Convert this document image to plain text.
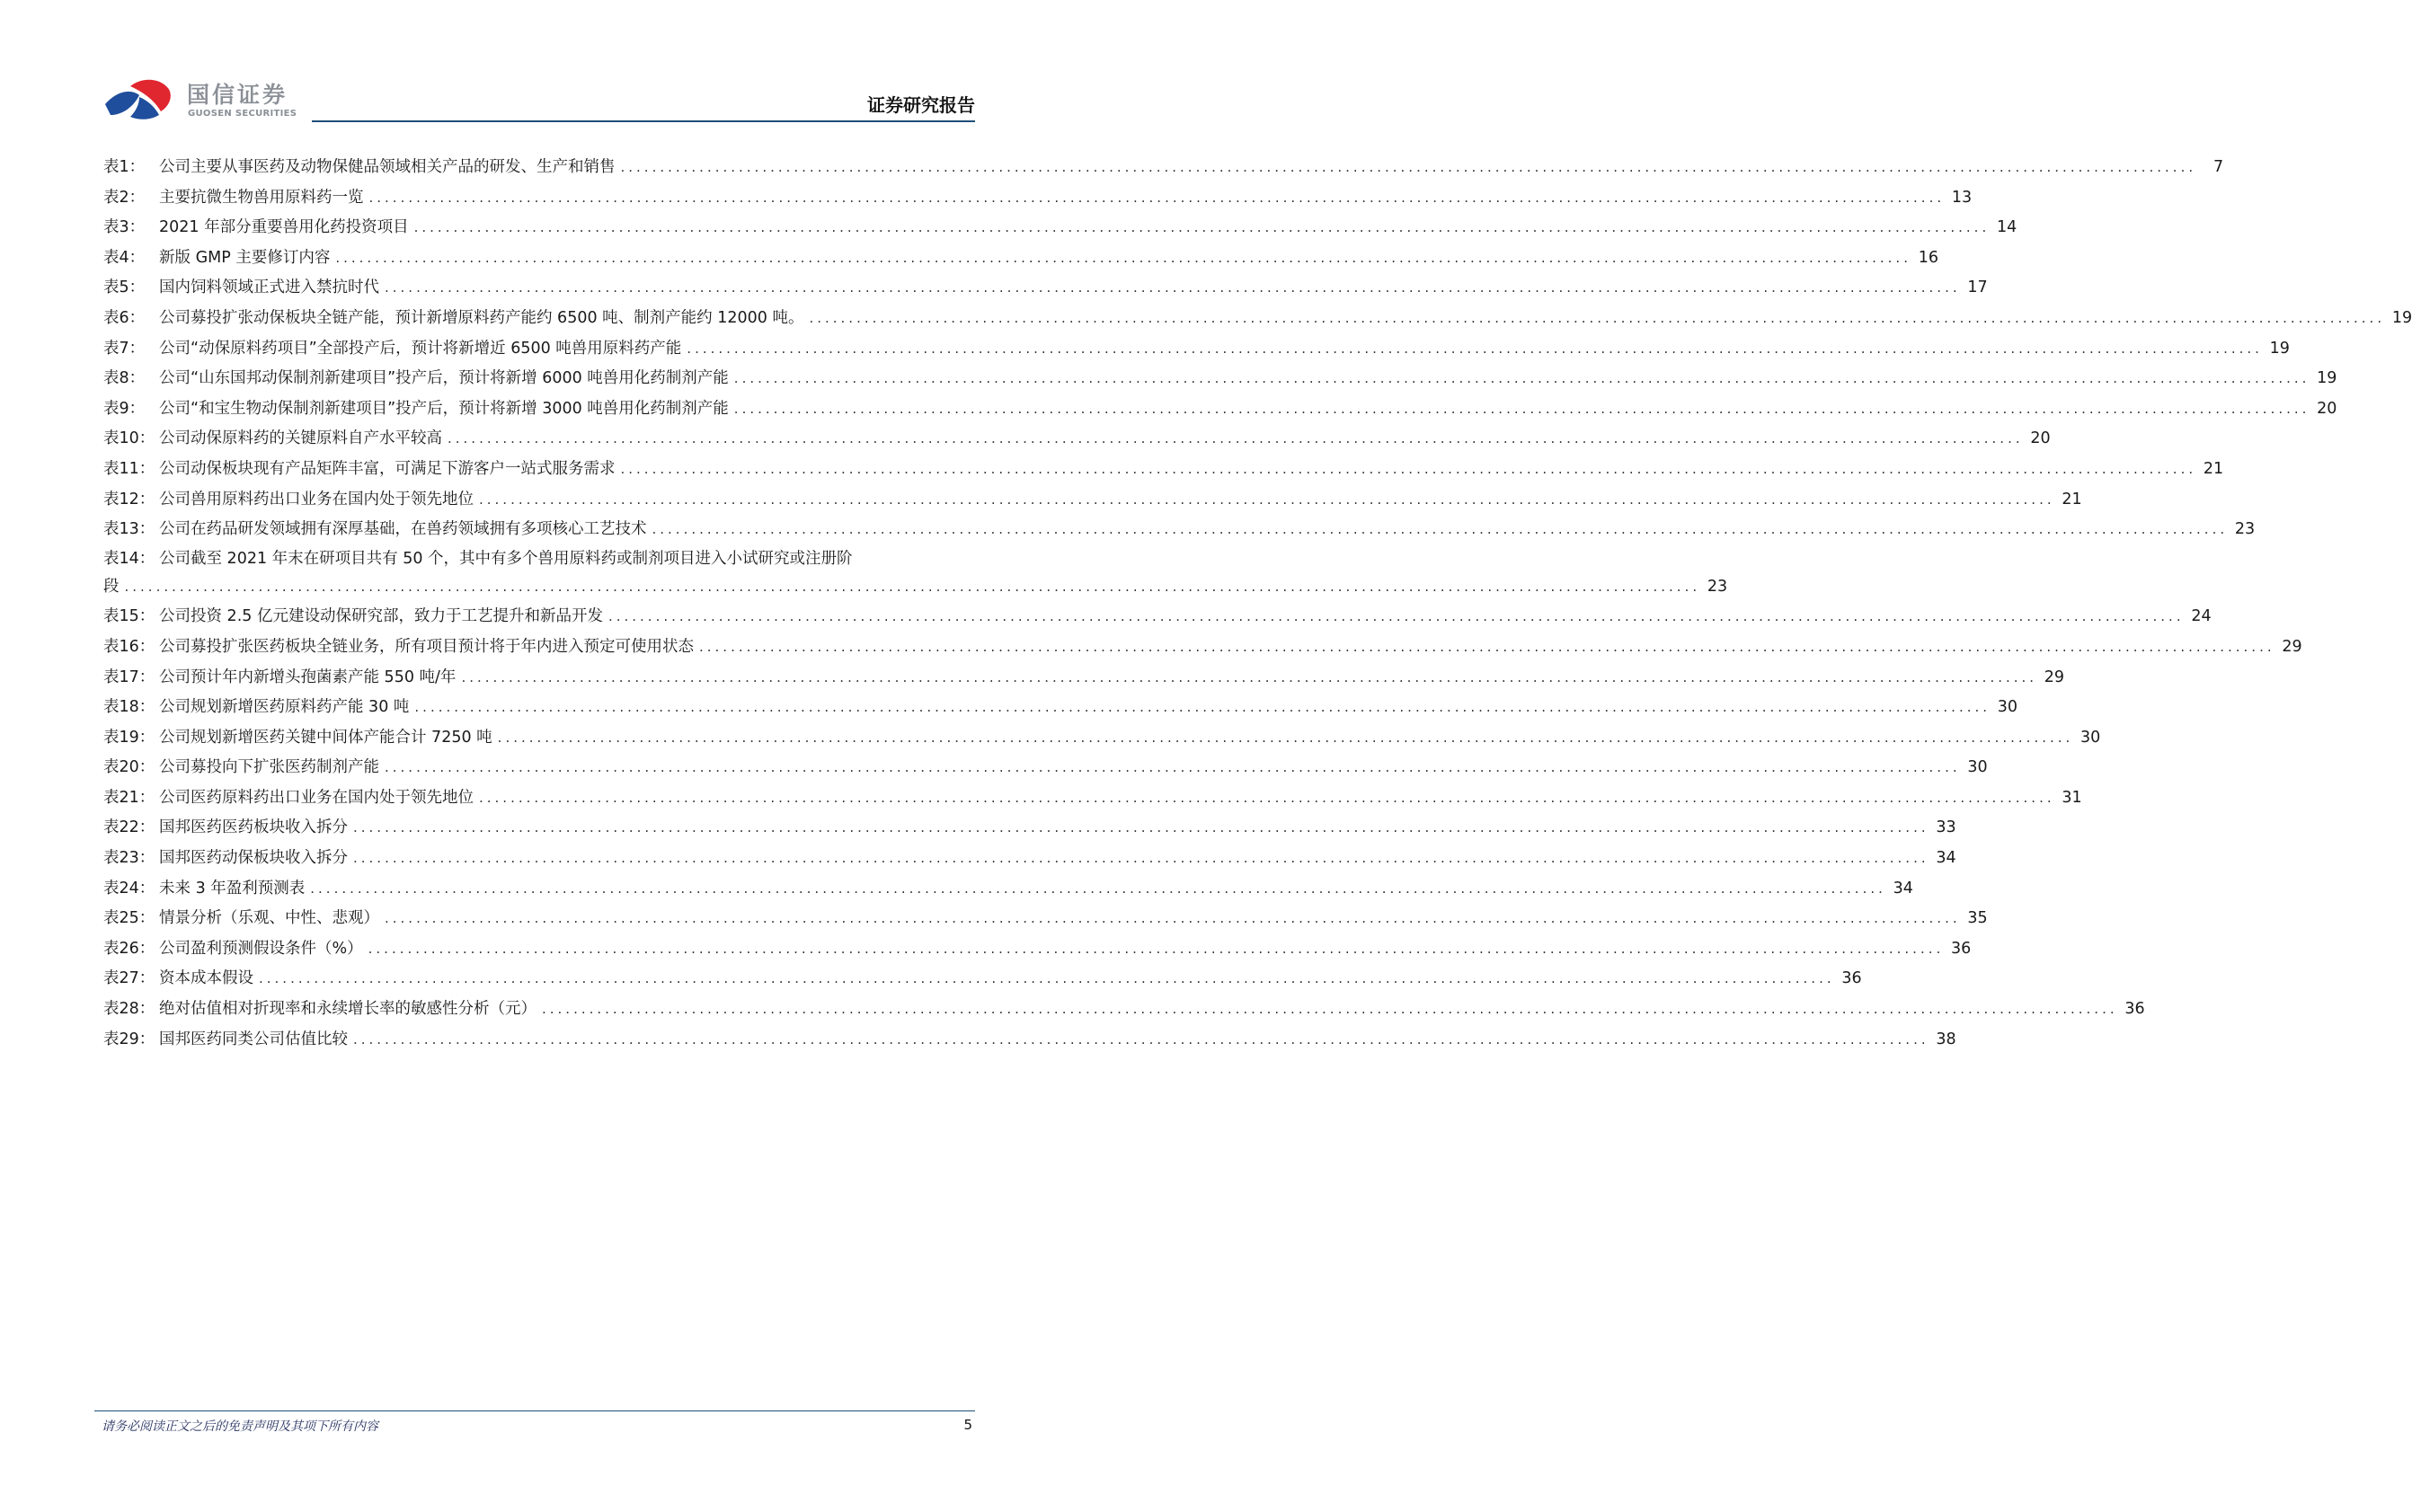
国信证券
GUOSEN SECURITIES	证券研究报告
表1： 公司主要从事医药及动物保健品领域相关产品的研发、生产和销售 ........................................................................................................................................................................................................	7
表2： 主要抗微生物兽用原料药一览 ........................................................................................................................................................................................................ 13
表3： 2021 年部分重要兽用化药投资项目 ........................................................................................................................................................................................................ 14
表4： 新版 GMP 主要修订内容 ........................................................................................................................................................................................................ 16
表5： 国内饲料领域正式进入禁抗时代 ........................................................................................................................................................................................................ 17
表6： 公司募投扩张动保板块全链产能，预计新增原料药产能约 6500 吨、制剂产能约 12000 吨。 ........................................................................................................................................................................................................ 19
表7： 公司“动保原料药项目”全部投产后，预计将新增近 6500 吨兽用原料药产能 ........................................................................................................................................................................................................ 19
表8： 公司“山东国邦动保制剂新建项目”投产后，预计将新增 6000 吨兽用化药制剂产能 ........................................................................................................................................................................................................ 19
表9： 公司“和宝生物动保制剂新建项目”投产后，预计将新增 3000 吨兽用化药制剂产能 ........................................................................................................................................................................................................ 20
表10： 公司动保原料药的关键原料自产水平较高 ........................................................................................................................................................................................................ 20
表11： 公司动保板块现有产品矩阵丰富，可满足下游客户一站式服务需求 ........................................................................................................................................................................................................ 21
表12： 公司兽用原料药出口业务在国内处于领先地位 ........................................................................................................................................................................................................ 21
表13： 公司在药品研发领域拥有深厚基础，在兽药领域拥有多项核心工艺技术 ........................................................................................................................................................................................................ 23
表14： 公司截至 2021 年末在研项目共有 50 个，其中有多个兽用原料药或制剂项目进入小试研究或注册阶
段 ........................................................................................................................................................................................................ 23
表15： 公司投资 2.5 亿元建设动保研究部，致力于工艺提升和新品开发 ........................................................................................................................................................................................................ 24
表16： 公司募投扩张医药板块全链业务，所有项目预计将于年内进入预定可使用状态 ........................................................................................................................................................................................................ 29
表17： 公司预计年内新增头孢菌素产能 550 吨/年 ........................................................................................................................................................................................................ 29
表18： 公司规划新增医药原料药产能 30 吨 ........................................................................................................................................................................................................ 30
表19： 公司规划新增医药关键中间体产能合计 7250 吨 ........................................................................................................................................................................................................ 30
表20： 公司募投向下扩张医药制剂产能 ........................................................................................................................................................................................................ 30
表21： 公司医药原料药出口业务在国内处于领先地位 ........................................................................................................................................................................................................ 31
表22： 国邦医药医药板块收入拆分 ........................................................................................................................................................................................................ 33
表23： 国邦医药动保板块收入拆分 ........................................................................................................................................................................................................ 34
表24： 未来 3 年盈利预测表 ........................................................................................................................................................................................................ 34
表25： 情景分析（乐观、中性、悲观） ........................................................................................................................................................................................................ 35
表26： 公司盈利预测假设条件（%） ........................................................................................................................................................................................................ 36
表27： 资本成本假设 ........................................................................................................................................................................................................ 36
表28： 绝对估值相对折现率和永续增长率的敏感性分析（元） ........................................................................................................................................................................................................ 36
表29： 国邦医药同类公司估值比较 ........................................................................................................................................................................................................ 38
请务必阅读正文之后的免责声明及其项下所有内容	5
